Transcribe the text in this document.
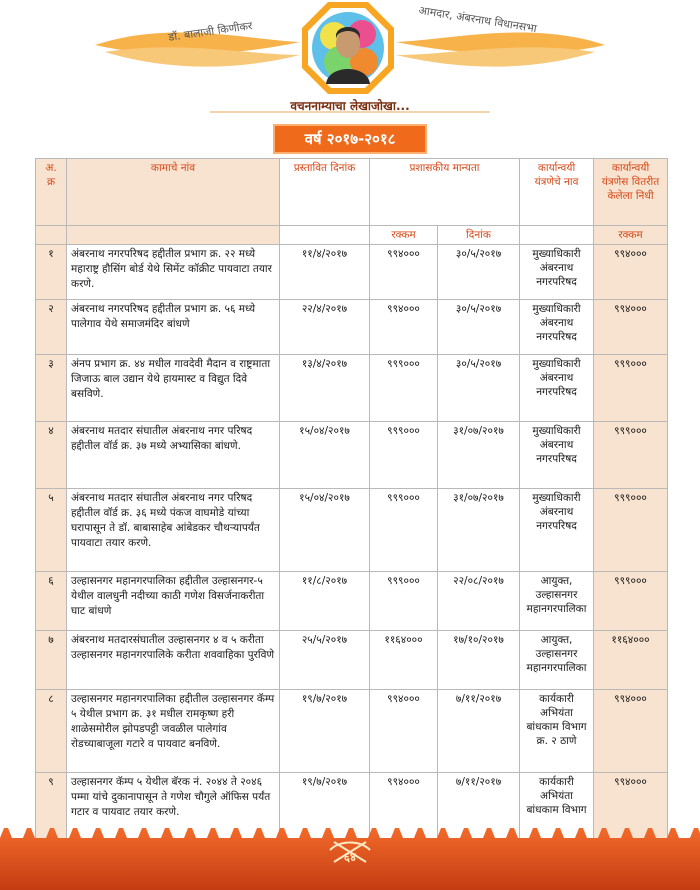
डॉ. बालाजी किणीकर	आमदार, अंबरनाथ विधानसभा
वचननाम्याचा लेखाजोखा...
वर्ष २०१७-२०१८
अ. क्र	कामाचे नांव	प्रस्तावित दिनांक	प्रशासकीय मान्यता		कार्यान्वयी यंत्रणेचे नाव	कार्यान्वयी यंत्रणेस वितरीत केलेला निधी
			रक्कम	दिनांक		रक्कम
१	अंबरनाथ नगरपरिषद हद्दीतील प्रभाग क्र. २२ मध्ये महाराष्ट्र हौसिंग बोर्ड येथे सिमेंट कॉक्रीट पायवाटा तयार करणे.	११/४/२०१७	९९४०००	३०/५/२०१७	मुख्याधिकारी अंबरनाथ नगरपरिषद	९९४०००
२	अंबरनाथ नगरपरिषद हद्दीतील प्रभाग क्र. ५६ मध्ये पालेगाव येथे समाजमंदिर बांधणे	२२/४/२०१७	९९४०००	३०/५/२०१७	मुख्याधिकारी अंबरनाथ नगरपरिषद	९९४०००
३	अंनप प्रभाग क्र. ४४ मधील गावदेवी मैदान व राष्ट्रमाता जिजाऊ बाल उद्यान येथे हायमास्ट व विद्युत दिवे बसविणे.	१३/४/२०१७	९९९०००	३०/५/२०१७	मुख्याधिकारी अंबरनाथ नगरपरिषद	९९९०००
४	अंबरनाथ मतदार संघातील अंबरनाथ नगर परिषद हद्दीतील वॉर्ड क्र. ३७ मध्ये अभ्यासिका बांधणे.	१५/०४/२०१७	९९९०००	३१/०७/२०१७	मुख्याधिकारी अंबरनाथ नगरपरिषद	९९९०००
५	अंबरनाथ मतदार संघातील अंबरनाथ नगर परिषद हद्दीतील वॉर्ड क्र. ३६ मध्ये पंकज वाघमोडे यांच्या घरापासून ते डॉ. बाबासाहेब आंबेडकर चौथऱ्यापर्यंत पायवाटा तयार करणे.	१५/०४/२०१७	९९९०००	३१/०७/२०१७	मुख्याधिकारी अंबरनाथ नगरपरिषद	९९९०००
६	उल्हासनगर महानगरपालिका हद्दीतील उल्हासनगर-५ येथील वालधुनी नदीच्या काठी गणेश विसर्जनाकरीता घाट बांधणे	११/८/२०१७	९९९०००	२२/०८/२०१७	आयुक्त, उल्हासनगर महानगरपालिका	९९९०००
७	अंबरनाथ मतदारसंघातील उल्हासनगर ४ व ५ करीता उल्हासनगर महानगरपालिके करीता शववाहिका पुरविणे	२५/५/२०१७	११६४०००	१७/१०/२०१७	आयुक्त, उल्हासनगर महानगरपालिका	११६४०००
८	उल्हासनगर महानगरपालिका हद्दीतील उल्हासनगर कॅम्प ५ येथील प्रभाग क्र. ३१ मधील रामकृष्ण हरी शाळेसमोरील झोपडपट्टी जवळील पालेगांव रोडच्याबाजूला गटारे व पायवाट बनविणे.	१९/७/२०१७	९९४०००	७/११/२०१७	कार्यकारी अभियंता बांधकाम विभाग क्र. २ ठाणे	९९४०००
९	उल्हासनगर कॅम्प ५ येथील बॅरक नं. २०४४ ते २०४६ पम्मा यांचे दुकानापासून ते गणेश चौगुले ऑफिस पर्यंत गटार व पायवाट तयार करणे.	१९/७/२०१७	९९४०००	७/११/२०१७	कार्यकारी अभियंता बांधकाम विभाग	९९४०००
६४
